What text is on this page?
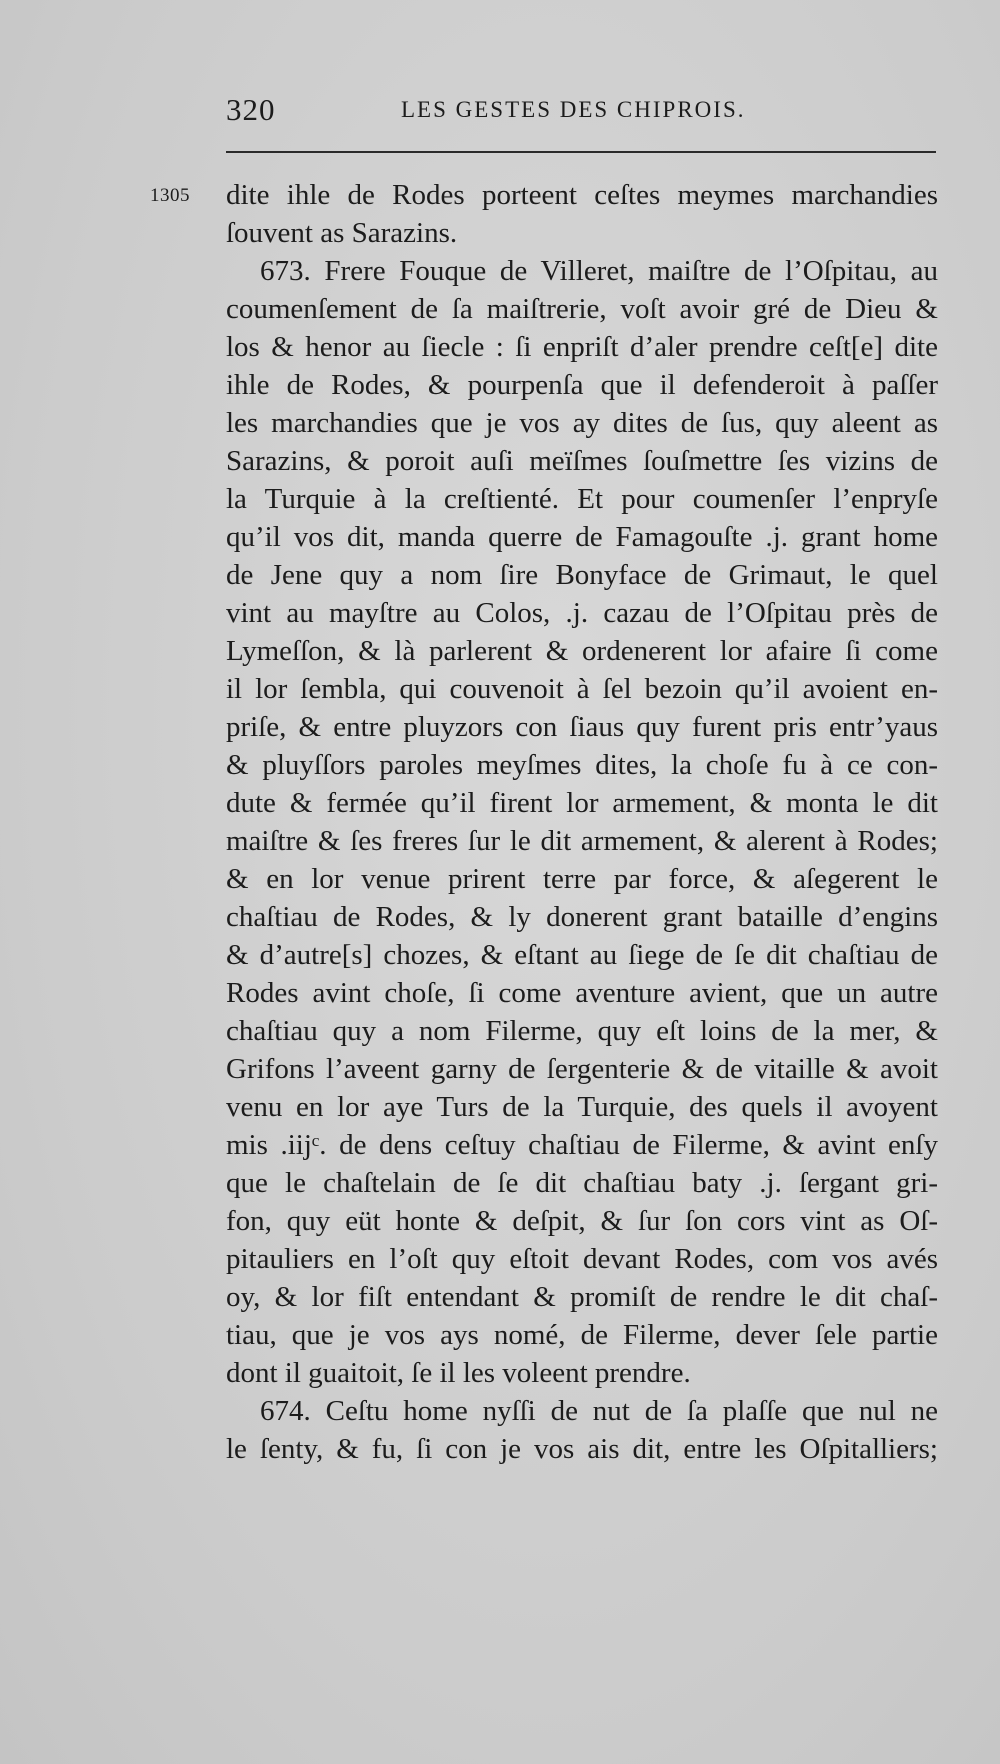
320	LES GESTES DES CHIPROIS.
1305 dite ihle de Rodes porteent ceſtes meymes marchandies
ſouvent as Sarazins.
673. Frere Fouque de Villeret, maiſtre de l’Oſpitau, au
coumenſement de ſa maiſtrerie, voſt avoir gré de Dieu &
los & henor au ſiecle : ſi enpriſt d’aler prendre ceſt[e] dite
ihle de Rodes, & pourpenſa que il defenderoit à paſſer
les marchandies que je vos ay dites de ſus, quy aleent as
Sarazins, & poroit auſi meïſmes ſouſmettre ſes vizins de
la Turquie à la creſtienté. Et pour coumenſer l’enpryſe
qu’il vos dit, manda querre de Famagouſte .j. grant home
de Jene quy a nom ſire Bonyface de Grimaut, le quel
vint au mayſtre au Colos, .j. cazau de l’Oſpitau près de
Lymeſſon, & là parlerent & ordenerent lor afaire ſi come
il lor ſembla, qui couvenoit à ſel bezoin qu’il avoient en-
priſe, & entre pluyzors con ſiaus quy furent pris entr’yaus
& pluyſſors paroles meyſmes dites, la choſe fu à ce con-
dute & fermée qu’il firent lor armement, & monta le dit
maiſtre & ſes freres ſur le dit armement, & alerent à Rodes;
& en lor venue prirent terre par force, & aſegerent le
chaſtiau de Rodes, & ly donerent grant bataille d’engins
& d’autre[s] chozes, & eſtant au ſiege de ſe dit chaſtiau de
Rodes avint choſe, ſi come aventure avient, que un autre
chaſtiau quy a nom Filerme, quy eſt loins de la mer, &
Grifons l’aveent garny de ſergenterie & de vitaille & avoit
venu en lor aye Turs de la Turquie, des quels il avoyent
mis .iijᶜ. de dens ceſtuy chaſtiau de Filerme, & avint enſy
que le chaſtelain de ſe dit chaſtiau baty .j. ſergant gri-
fon, quy eüt honte & deſpit, & ſur ſon cors vint as Oſ-
pitauliers en l’oſt quy eſtoit devant Rodes, com vos avés
oy, & lor fiſt entendant & promiſt de rendre le dit chaſ-
tiau, que je vos ays nomé, de Filerme, dever ſele partie
dont il guaitoit, ſe il les voleent prendre.
674. Ceſtu home nyſſi de nut de ſa plaſſe que nul ne
le ſenty, & fu, ſi con je vos ais dit, entre les Oſpitalliers;
